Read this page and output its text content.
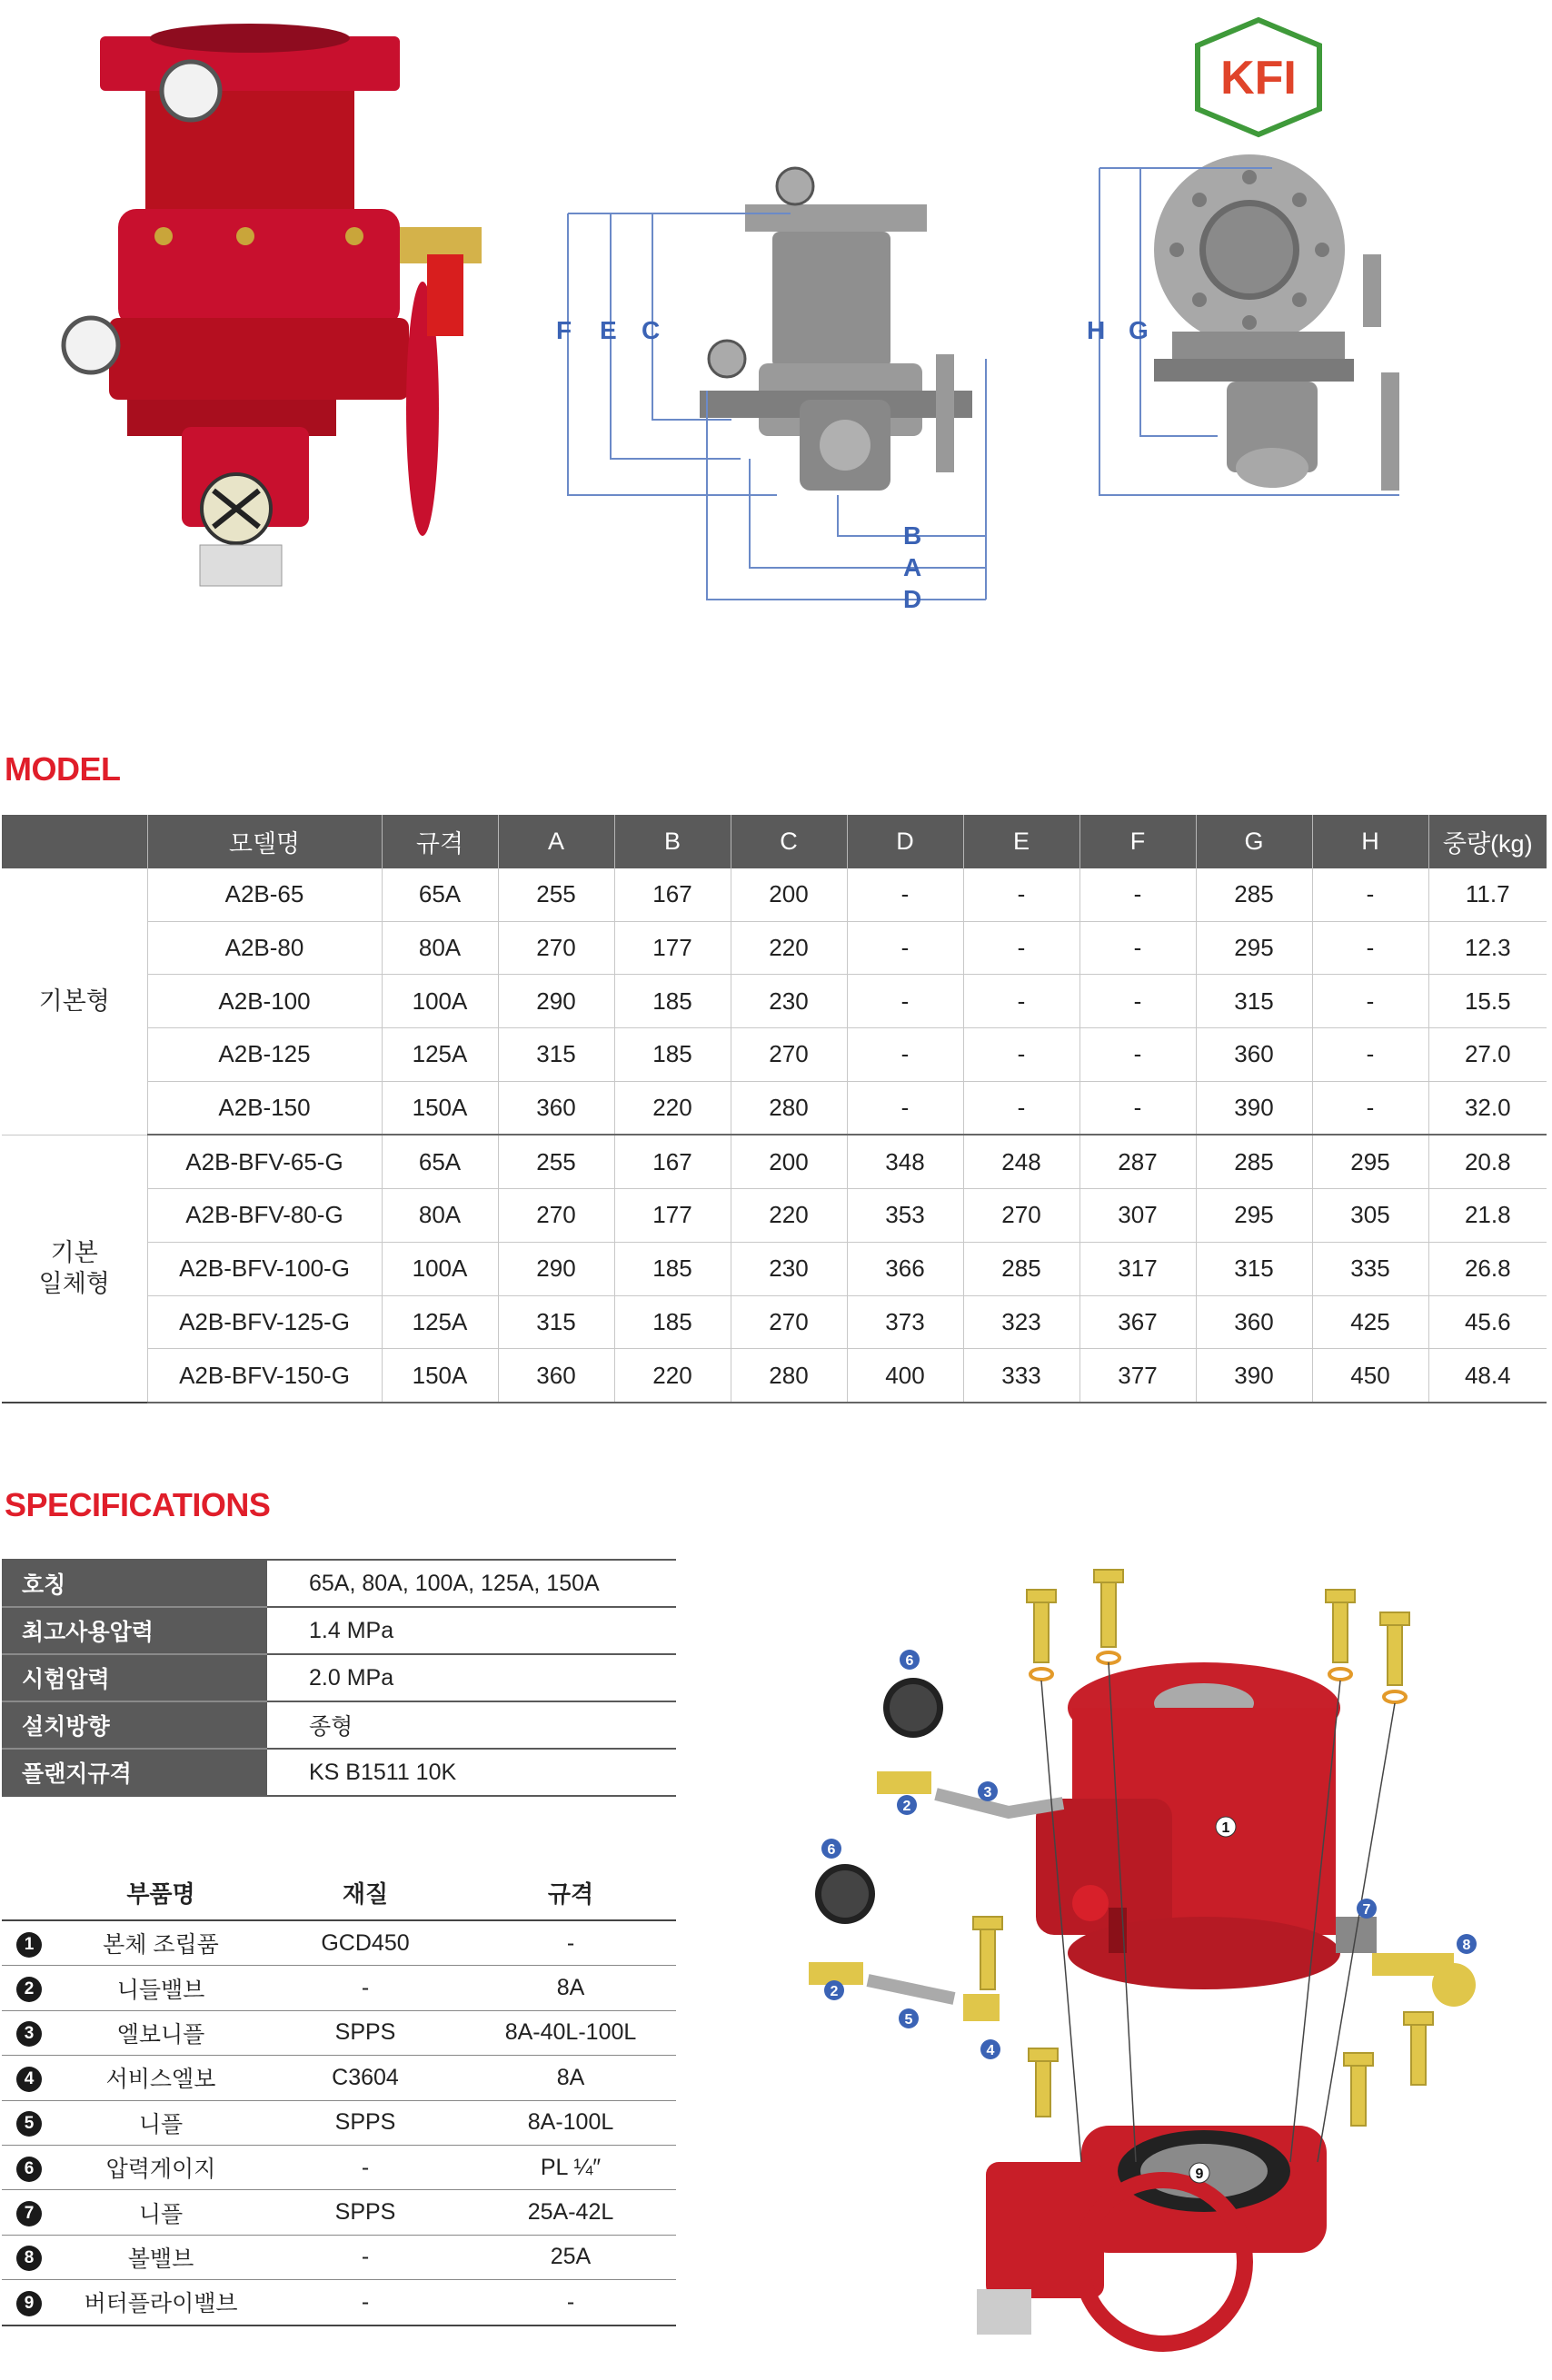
F E C	H G
B
A
D
KFI
MODEL
	모델명	규격	A	B	C	D	E	F	G	H	중량(kg)
기본형	A2B-65	65A	255	167	200	-	-	-	285	-	11.7
	A2B-80	80A	270	177	220	-	-	-	295	-	12.3
	A2B-100	100A	290	185	230	-	-	-	315	-	15.5
	A2B-125	125A	315	185	270	-	-	-	360	-	27.0
	A2B-150	150A	360	220	280	-	-	-	390	-	32.0

기본
일체형	A2B-BFV-65-G	65A	255	167	200	348	248	287	285	295	20.8
	A2B-BFV-80-G	80A	270	177	220	353	270	307	295	305	21.8
	A2B-BFV-100-G	100A	290	185	230	366	285	317	315	335	26.8
	A2B-BFV-125-G	125A	315	185	270	373	323	367	360	425	45.6
	A2B-BFV-150-G	150A	360	220	280	400	333	377	390	450	48.4
SPECIFICATIONS
호칭	65A, 80A, 100A, 125A, 150A
최고사용압력	1.4 MPa
시험압력	2.0 MPa
설치방향	종형
플랜지규격	KS B1511 10K
	부품명	재질	규격
1	본체 조립품	GCD450	-
2	니들밸브	-	8A
3	엘보니플	SPPS	8A-40L-100L
4	서비스엘보	C3604	8A
5	니플	SPPS	8A-100L
6	압력게이지	-	PL ¼″
7	니플	SPPS	25A-42L
8	볼밸브	-	25A
9	버터플라이밸브	-	-
1
2
3
2
4
5
6
6
7
8
9
